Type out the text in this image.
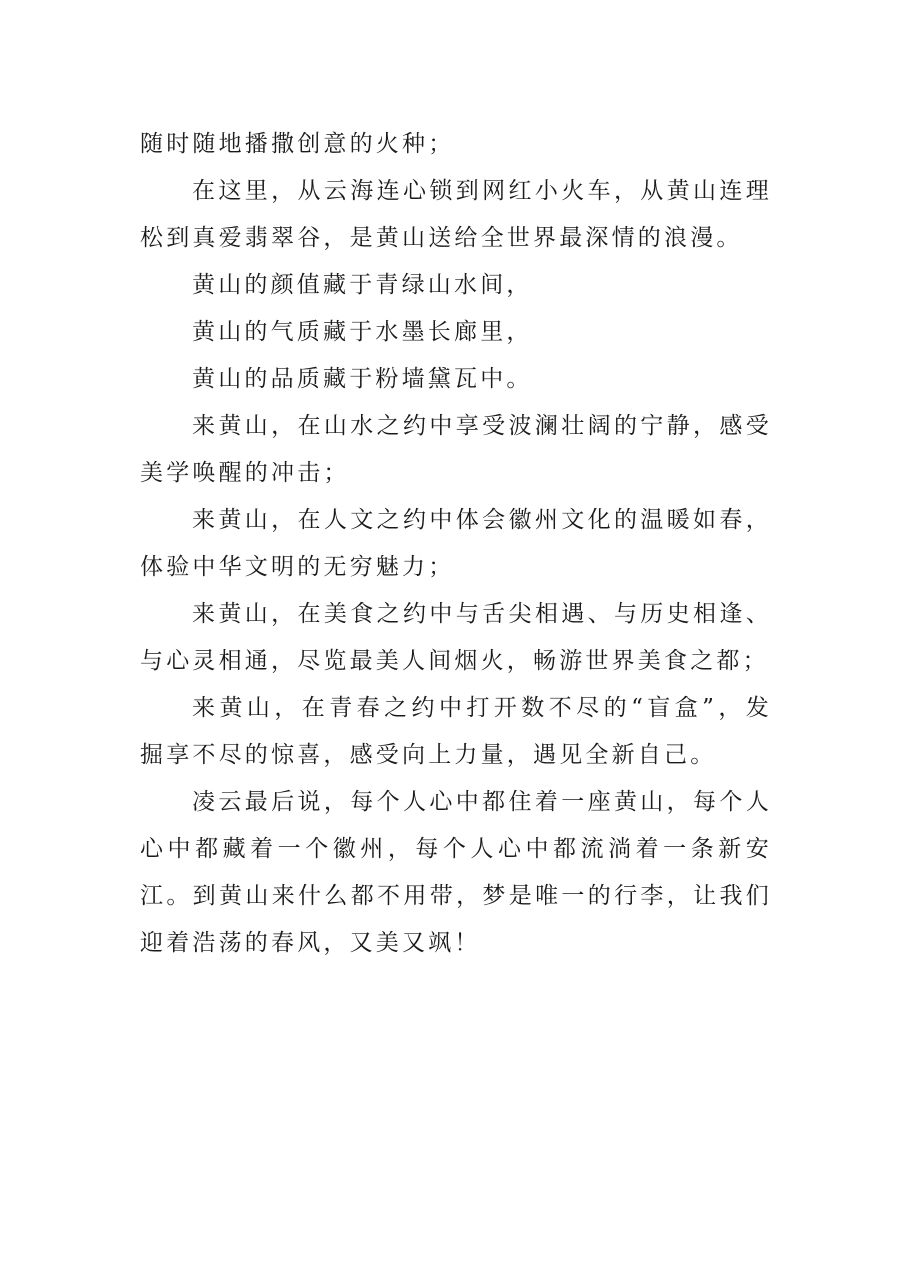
随时随地播撒创意的火种；

在这里，从云海连心锁到网红小火车，从黄山连理松到真爱翡翠谷，是黄山送给全世界最深情的浪漫。

黄山的颜值藏于青绿山水间，

黄山的气质藏于水墨长廊里，

黄山的品质藏于粉墙黛瓦中。

来黄山，在山水之约中享受波澜壮阔的宁静，感受美学唤醒的冲击；

来黄山，在人文之约中体会徽州文化的温暖如春，体验中华文明的无穷魅力；

来黄山，在美食之约中与舌尖相遇、与历史相逢、与心灵相通，尽览最美人间烟火，畅游世界美食之都；

来黄山，在青春之约中打开数不尽的“盲盒”，发掘享不尽的惊喜，感受向上力量，遇见全新自己。

凌云最后说，每个人心中都住着一座黄山，每个人心中都藏着一个徽州，每个人心中都流淌着一条新安江。到黄山来什么都不用带，梦是唯一的行李，让我们迎着浩荡的春风，又美又飒！
